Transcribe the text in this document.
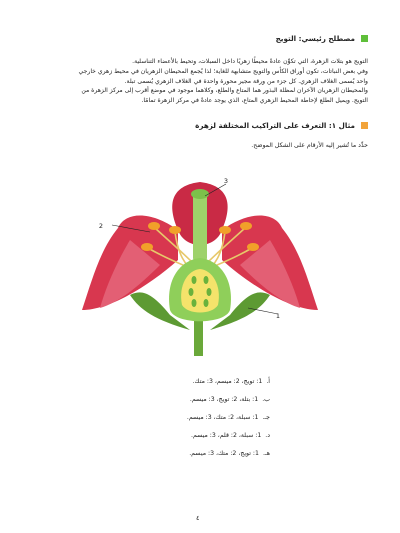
مصطلح رئيسي: التويج

التويج هو بتلات الزهرة، التي تكوِّن عادةً محيطًا زهريًا داخل السبلات، وتحيط بالأعضاء التناسلية.
وفي بعض النباتات، تكون أوراق الكأس والتويج متشابهة للغاية؛ لذا يُجمع المحيطان الزهريان في محيط زهري خارجي
واحد يُسمى الغلاف الزهري. كل جزء من ورقة مجير محورة واحدة في الغلاف الزهري يُسمى تبلة.
والمحيطان الزهريان الآخران لمظلة البذور هما المتاع والطلع، وكلاهما موجود في موضع أقرب إلى مركز الزهرة من
التويج. ويميل الطلع لإحاطة المحيط الزهري المتاع، الذي يوجد عادةً في مركز الزهرة تمامًا.

مثال ١: التعرف على التراكيب المختلفة لزهرة
حدِّد ما تُشير إليه الأرقام على الشكل الموضح.
3
2
1
أ.
1: تويج، 2: ميسم، 3: متك.
ب.
1: بتلة، 2: تويج، 3: ميسم.
جـ.
1: سبلة، 2: متك، 3: ميسم.
د.
1: سبلة، 2: قلم، 3: ميسم.
هـ.
1: تويج، 2: متك، 3: ميسم.
٤
